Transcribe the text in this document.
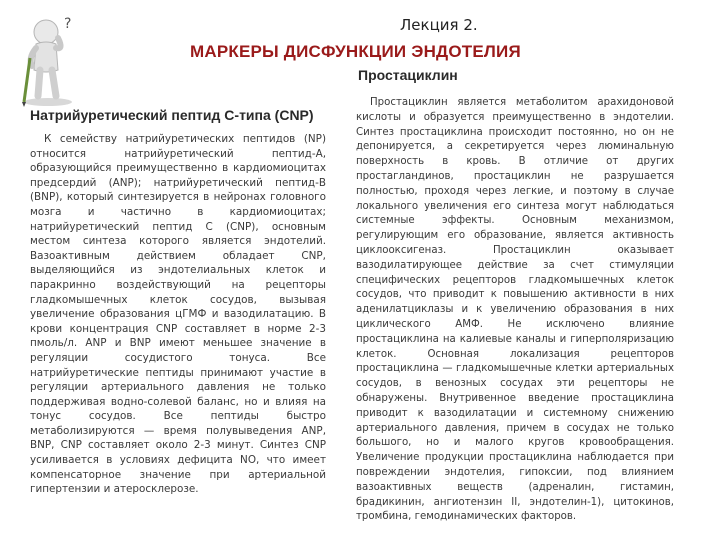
?	Лекция 2.
МАРКЕРЫ ДИСФУНКЦИИ ЭНДОТЕЛИЯ
Натрийуретический пептид С-типа (CNP)

К семейству натрийуретических пептидов (NP) относится натрийуретический пептид-А, образующийся преимущественно в кардиомиоцитах предсердий (ANP); натрийуретический пептид-В (BNP), который синтезируется в нейронах головного мозга и частично в кардиомиоцитах; натрийуретический пептид С (CNP), основным местом синтеза которого является эндотелий. Вазоактивным действием обладает CNP, выделяющийся из эндотелиальных клеток и паракринно воздействующий на рецепторы гладкомышечных клеток сосудов, вызывая увеличение образования цГМФ и вазодилатацию. В крови концентрация CNP составляет в норме 2-3 пмоль/л. ANP и BNP имеют меньшее значение в регуляции сосудистого тонуса. Все натрийуретические пептиды принимают участие в регуляции артериального давления не только поддерживая водно-солевой баланс, но и влияя на тонус сосудов. Все пептиды быстро метаболизируются — время полувыведения ANP, BNP, CNP составляет около 2-3 минут. Синтез CNP усиливается в условиях дефицита NO, что имеет компенсаторное значение при артериальной гипертензии и атеросклерозе.

Простациклин

Простациклин является метаболитом арахидоновой кислоты и образуется преимущественно в эндотелии. Синтез простациклина происходит постоянно, но он не депонируется, а секретируется через люминальную поверхность в кровь. В отличие от других простагландинов, простациклин не разрушается полностью, проходя через легкие, и поэтому в случае локального увеличения его синтеза могут наблюдаться системные эффекты. Основным механизмом, регулирующим его образование, является активность циклооксигеназ. Простациклин оказывает вазодилатирующее действие за счет стимуляции специфических рецепторов гладкомышечных клеток сосудов, что приводит к повышению активности в них аденилатциклазы и к увеличению образования в них циклического АМФ. Не исключено влияние простациклина на калиевые каналы и гиперполяризацию клеток. Основная локализация рецепторов простациклина — гладкомышечные клетки артериальных сосудов, в венозных сосудах эти рецепторы не обнаружены. Внутривенное введение простациклина приводит к вазодилатации и системному снижению артериального давления, причем в сосудах не только большого, но и малого кругов кровообращения. Увеличение продукции простациклина наблюдается при повреждении эндотелия, гипоксии, под влиянием вазоактивных веществ (адреналин, гистамин, брадикинин, ангиотензин II, эндотелин-1), цитокинов, тромбина, гемодинамических факторов.
